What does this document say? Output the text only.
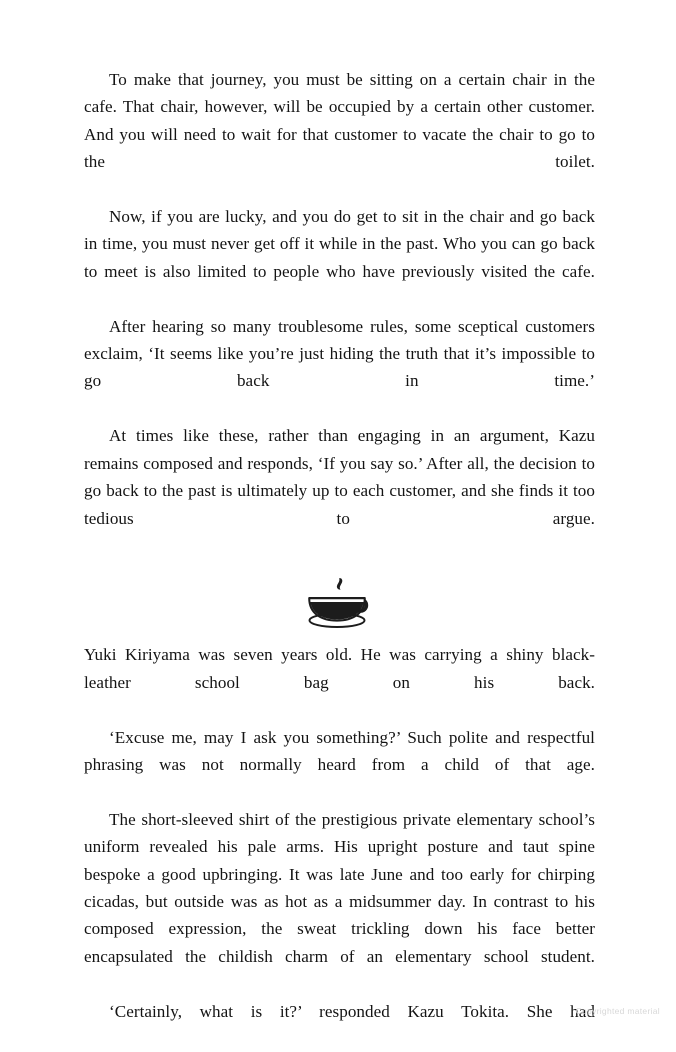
To make that journey, you must be sitting on a certain chair in the cafe. That chair, however, will be occupied by a certain other customer. And you will need to wait for that customer to vacate the chair to go to the toilet.

Now, if you are lucky, and you do get to sit in the chair and go back in time, you must never get off it while in the past. Who you can go back to meet is also limited to people who have previously visited the cafe.

After hearing so many troublesome rules, some sceptical customers exclaim, ‘It seems like you’re just hiding the truth that it’s impossible to go back in time.’

At times like these, rather than engaging in an argument, Kazu remains composed and responds, ‘If you say so.’ After all, the decision to go back to the past is ultimately up to each customer, and she finds it too tedious to argue.

Yuki Kiriyama was seven years old. He was carrying a shiny black-leather school bag on his back.

‘Excuse me, may I ask you something?’ Such polite and respectful phrasing was not normally heard from a child of that age.

The short-sleeved shirt of the prestigious private elementary school’s uniform revealed his pale arms. His upright posture and taut spine bespoke a good upbringing. It was late June and too early for chirping cicadas, but outside was as hot as a midsummer day. In contrast to his composed expression, the sweat trickling down his face better encapsulated the childish charm of an elementary school student.

‘Certainly, what is it?’ responded Kazu Tokita. She had

Copyrighted material
